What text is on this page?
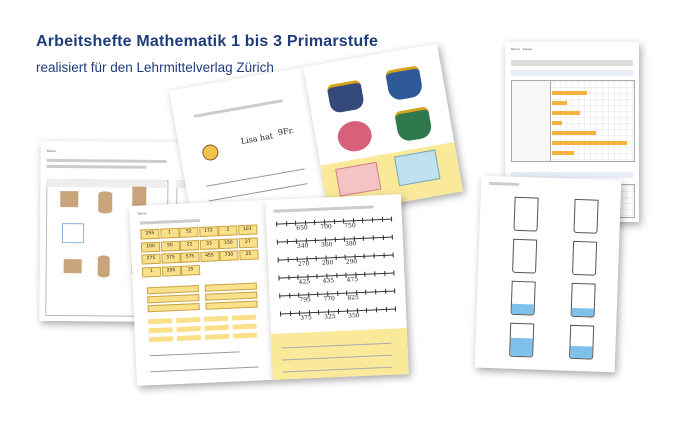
Arbeitshefte Mathematik 1 bis 3 Primarstufe
realisiert für den Lehrmittelverlag Zürich
Name · Klasse
Name
Lisa hat 9Fr.
Name
255	1	52	172	2	103
100	50	22	33	150	27
275	375	575	455	730	25
1	205	15
650 700 750
340 360 380
270 280 290
425 435 475
795 770 825
375 325 350
